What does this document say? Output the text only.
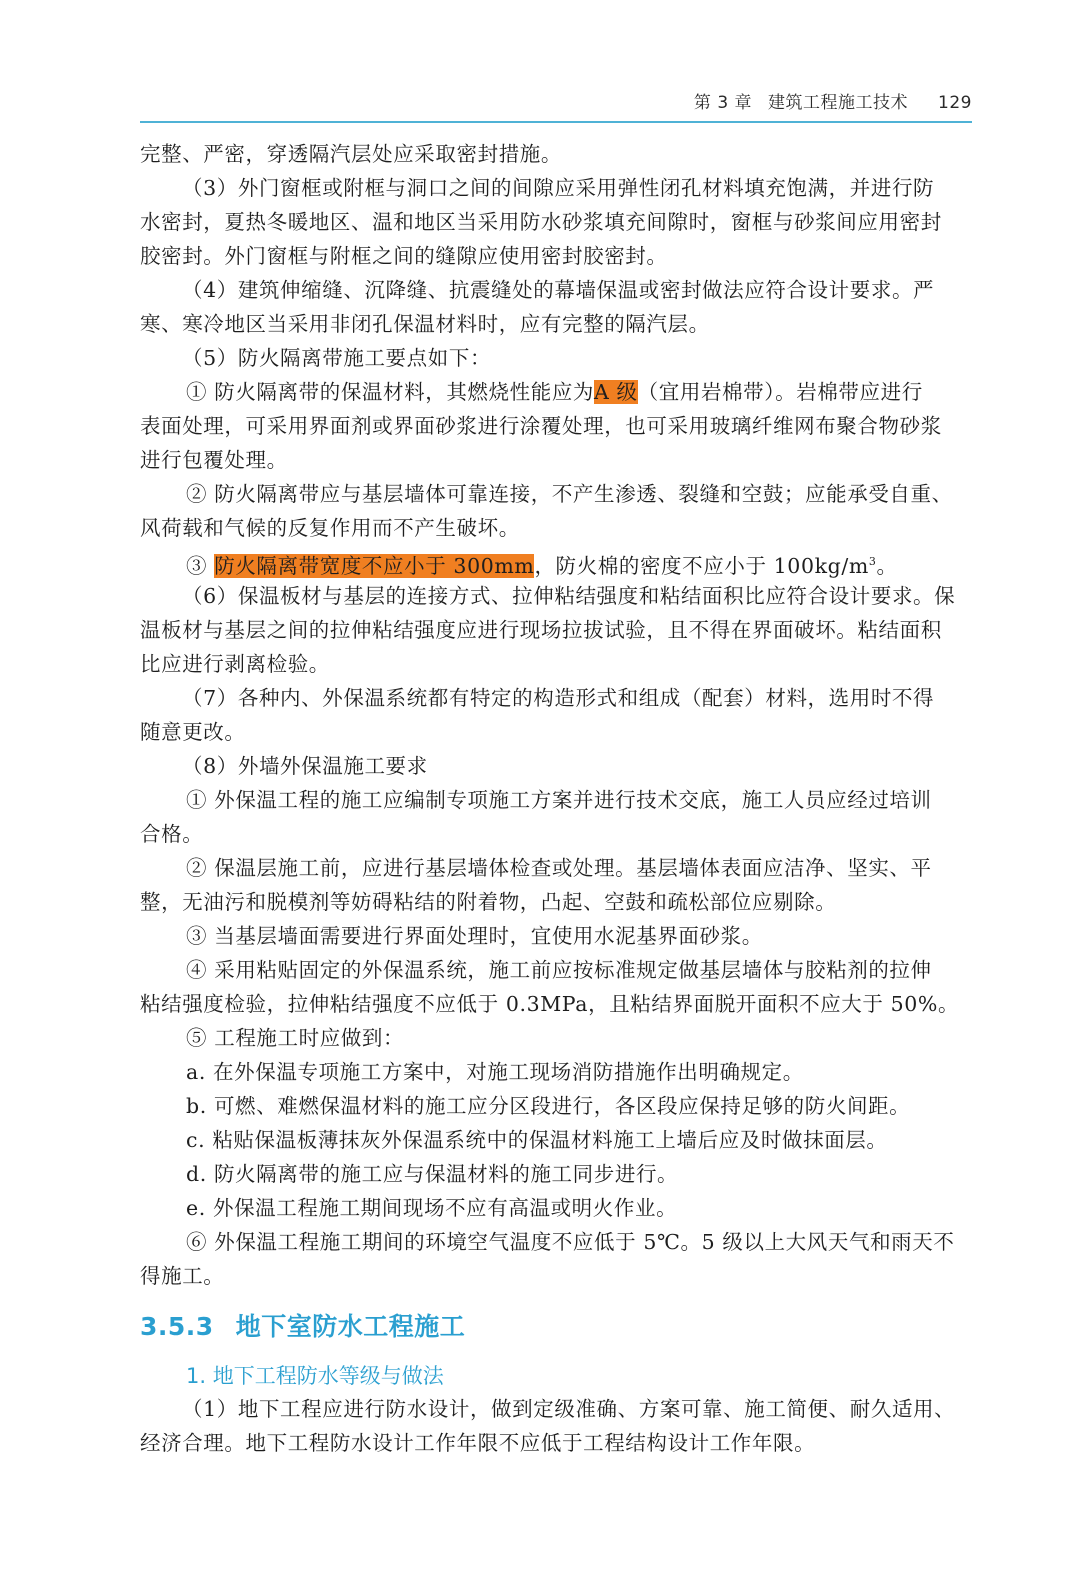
第 3 章 建筑工程施工技术 129
完整、严密，穿透隔汽层处应采取密封措施。
（3）外门窗框或附框与洞口之间的间隙应采用弹性闭孔材料填充饱满，并进行防
水密封，夏热冬暖地区、温和地区当采用防水砂浆填充间隙时，窗框与砂浆间应用密封
胶密封。外门窗框与附框之间的缝隙应使用密封胶密封。
（4）建筑伸缩缝、沉降缝、抗震缝处的幕墙保温或密封做法应符合设计要求。严
寒、寒冷地区当采用非闭孔保温材料时，应有完整的隔汽层。
（5）防火隔离带施工要点如下：
① 防火隔离带的保温材料，其燃烧性能应为A 级（宜用岩棉带）。岩棉带应进行
表面处理，可采用界面剂或界面砂浆进行涂覆处理，也可采用玻璃纤维网布聚合物砂浆
进行包覆处理。
② 防火隔离带应与基层墙体可靠连接，不产生渗透、裂缝和空鼓；应能承受自重、
风荷载和气候的反复作用而不产生破坏。
③ 防火隔离带宽度不应小于 300mm，防火棉的密度不应小于 $100kg/m^3$。
（6）保温板材与基层的连接方式、拉伸粘结强度和粘结面积比应符合设计要求。保
温板材与基层之间的拉伸粘结强度应进行现场拉拔试验，且不得在界面破坏。粘结面积
比应进行剥离检验。
（7）各种内、外保温系统都有特定的构造形式和组成（配套）材料，选用时不得
随意更改。
（8）外墙外保温施工要求
① 外保温工程的施工应编制专项施工方案并进行技术交底，施工人员应经过培训
合格。
② 保温层施工前，应进行基层墙体检查或处理。基层墙体表面应洁净、坚实、平
整，无油污和脱模剂等妨碍粘结的附着物，凸起、空鼓和疏松部位应剔除。
③ 当基层墙面需要进行界面处理时，宜使用水泥基界面砂浆。
④ 采用粘贴固定的外保温系统，施工前应按标准规定做基层墙体与胶粘剂的拉伸
粘结强度检验，拉伸粘结强度不应低于 0.3MPa，且粘结界面脱开面积不应大于 50%。
⑤ 工程施工时应做到：
a. 在外保温专项施工方案中，对施工现场消防措施作出明确规定。
b. 可燃、难燃保温材料的施工应分区段进行，各区段应保持足够的防火间距。
c. 粘贴保温板薄抹灰外保温系统中的保温材料施工上墙后应及时做抹面层。
d. 防火隔离带的施工应与保温材料的施工同步进行。
e. 外保温工程施工期间现场不应有高温或明火作业。
⑥ 外保温工程施工期间的环境空气温度不应低于 5℃。5 级以上大风天气和雨天不
得施工。
3.5.3 地下室防水工程施工
1. 地下工程防水等级与做法
（1）地下工程应进行防水设计，做到定级准确、方案可靠、施工简便、耐久适用、
经济合理。地下工程防水设计工作年限不应低于工程结构设计工作年限。
